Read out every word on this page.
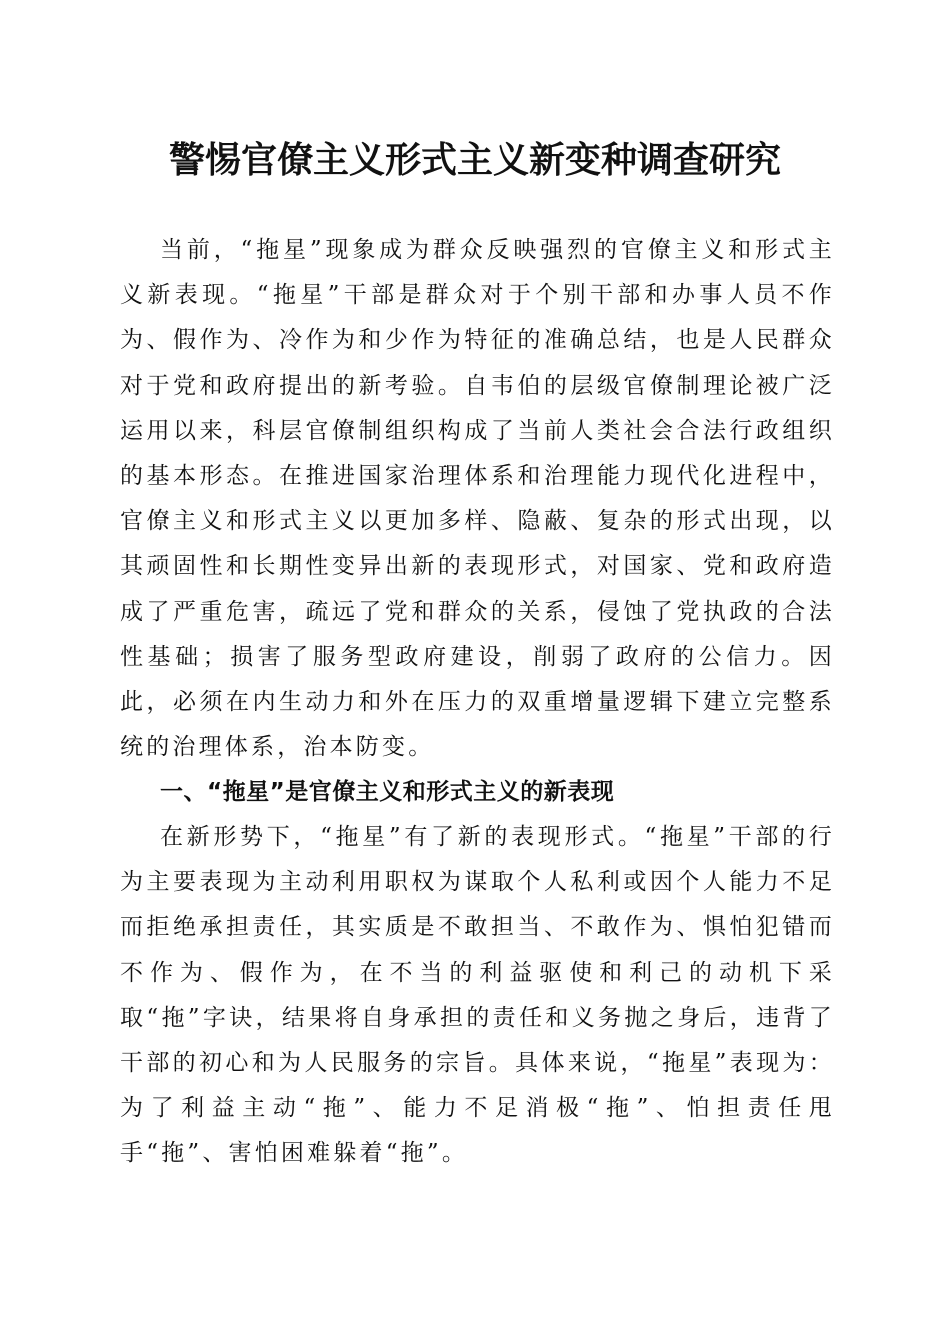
警惕官僚主义形式主义新变种调查研究

当前，“拖星”现象成为群众反映强烈的官僚主义和形式主义新表现。“拖星”干部是群众对于个别干部和办事人员不作为、假作为、冷作为和少作为特征的准确总结，也是人民群众对于党和政府提出的新考验。自韦伯的层级官僚制理论被广泛运用以来，科层官僚制组织构成了当前人类社会合法行政组织的基本形态。在推进国家治理体系和治理能力现代化进程中，官僚主义和形式主义以更加多样、隐蔽、复杂的形式出现，以其顽固性和长期性变异出新的表现形式，对国家、党和政府造成了严重危害，疏远了党和群众的关系，侵蚀了党执政的合法性基础；损害了服务型政府建设，削弱了政府的公信力。因此，必须在内生动力和外在压力的双重增量逻辑下建立完整系统的治理体系，治本防变。

一、“拖星”是官僚主义和形式主义的新表现

在新形势下，“拖星”有了新的表现形式。“拖星”干部的行为主要表现为主动利用职权为谋取个人私利或因个人能力不足而拒绝承担责任，其实质是不敢担当、不敢作为、惧怕犯错而不作为、假作为，在不当的利益驱使和利己的动机下采取“拖”字诀，结果将自身承担的责任和义务抛之身后，违背了干部的初心和为人民服务的宗旨。具体来说，“拖星”表现为：为了利益主动“拖”、能力不足消极“拖”、怕担责任甩手“拖”、害怕困难躲着“拖”。
